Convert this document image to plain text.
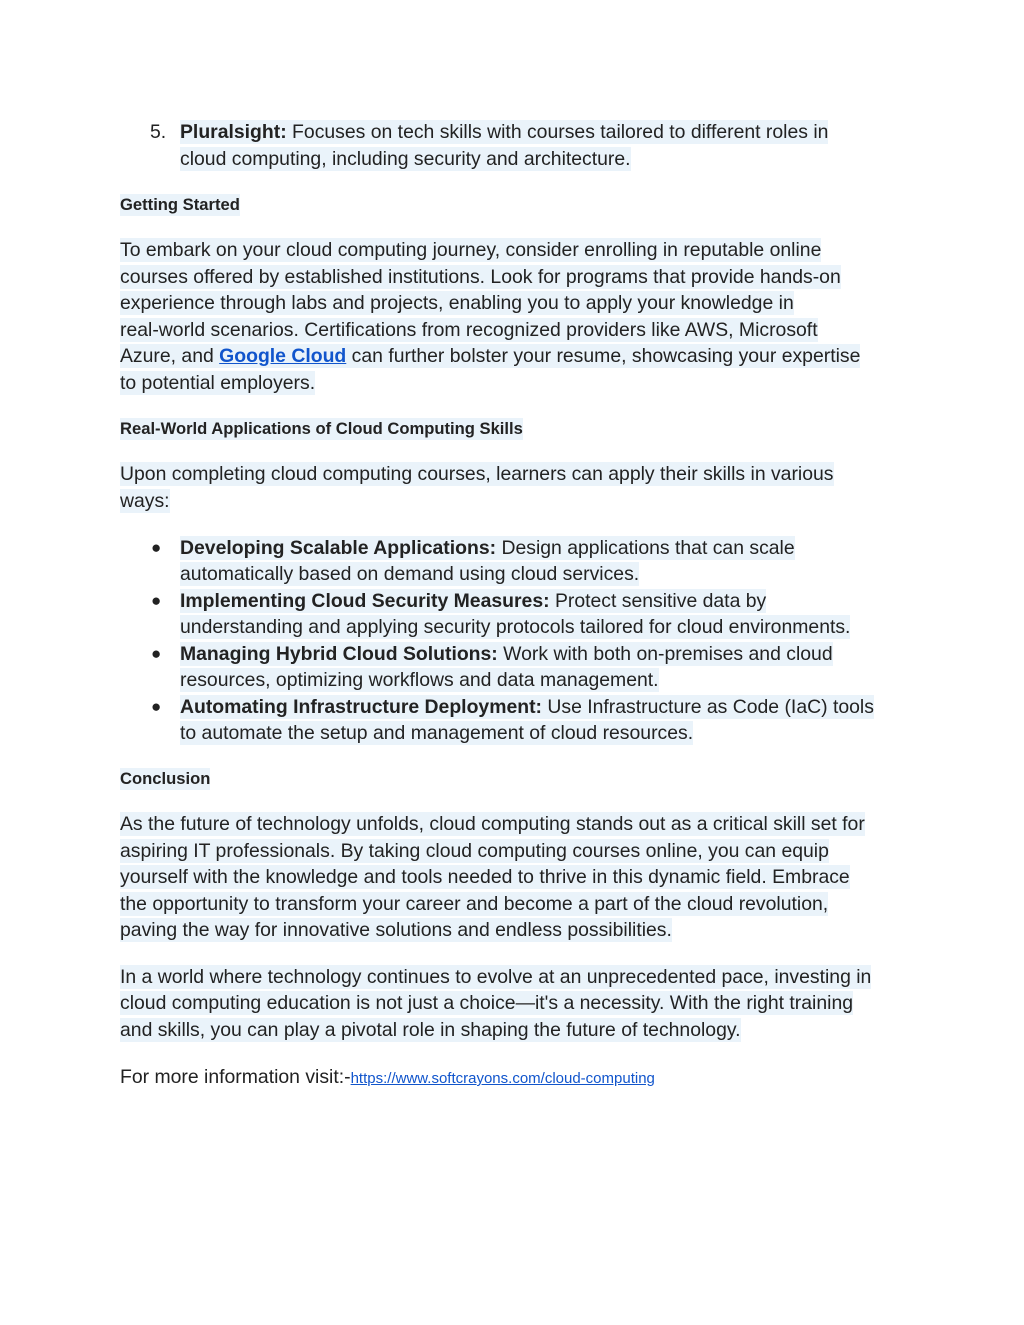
5. Pluralsight: Focuses on tech skills with courses tailored to different roles in
cloud computing, including security and architecture.
Getting Started
To embark on your cloud computing journey, consider enrolling in reputable online
courses offered by established institutions. Look for programs that provide hands-on
experience through labs and projects, enabling you to apply your knowledge in
real-world scenarios. Certifications from recognized providers like AWS, Microsoft
Azure, and Google Cloud can further bolster your resume, showcasing your expertise
to potential employers.
Real-World Applications of Cloud Computing Skills
Upon completing cloud computing courses, learners can apply their skills in various
ways:
● Developing Scalable Applications: Design applications that can scale
automatically based on demand using cloud services.
● Implementing Cloud Security Measures: Protect sensitive data by
understanding and applying security protocols tailored for cloud environments.
● Managing Hybrid Cloud Solutions: Work with both on-premises and cloud
resources, optimizing workflows and data management.
● Automating Infrastructure Deployment: Use Infrastructure as Code (IaC) tools
to automate the setup and management of cloud resources.
Conclusion
As the future of technology unfolds, cloud computing stands out as a critical skill set for
aspiring IT professionals. By taking cloud computing courses online, you can equip
yourself with the knowledge and tools needed to thrive in this dynamic field. Embrace
the opportunity to transform your career and become a part of the cloud revolution,
paving the way for innovative solutions and endless possibilities.
In a world where technology continues to evolve at an unprecedented pace, investing in
cloud computing education is not just a choice—it's a necessity. With the right training
and skills, you can play a pivotal role in shaping the future of technology.
For more information visit:-https://www.softcrayons.com/cloud-computing
